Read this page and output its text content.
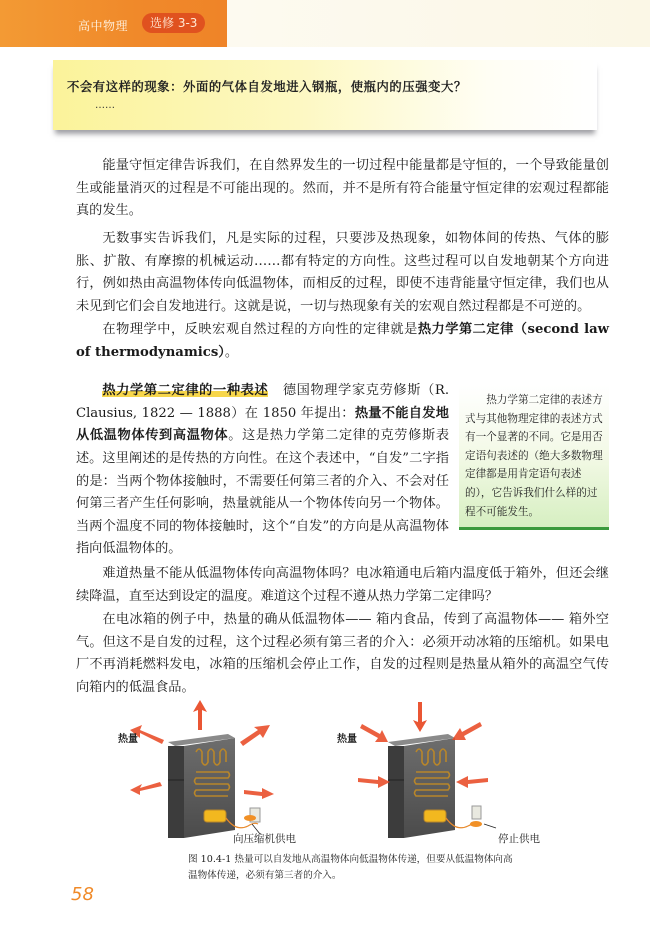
高中物理	选修 3-3
不会有这样的现象：外面的气体自发地进入钢瓶，使瓶内的压强变大？
……

能量守恒定律告诉我们，在自然界发生的一切过程中能量都是守恒的，一个导致能量创生或能量消灭的过程是不可能出现的。然而，并不是所有符合能量守恒定律的宏观过程都能真的发生。

无数事实告诉我们，凡是实际的过程，只要涉及热现象，如物体间的传热、气体的膨胀、扩散、有摩擦的机械运动……都有特定的方向性。这些过程可以自发地朝某个方向进行，例如热由高温物体传向低温物体，而相反的过程，即使不违背能量守恒定律，我们也从未见到它们会自发地进行。这就是说，一切与热现象有关的宏观自然过程都是不可逆的。

在物理学中，反映宏观自然过程的方向性的定律就是热力学第二定律（second law of thermodynamics）。

热力学第二定律的一种表述 德国物理学家克劳修斯（R. Clausius, 1822 — 1888）在 1850 年提出：热量不能自发地从低温物体传到高温物体。这是热力学第二定律的克劳修斯表述。 这里阐述的是传热的方向性。在这个表述中，“自发”二字指的是：当两个物体接触时，不需要任何第三者的介入、不会对任何第三者产生任何影响，热量就能从一个物体传向另一个物体。当两个温度不同的物体接触时，这个“自发”的方向是从高温物体指向低温物体的。

热力学第二定律的表述方式与其他物理定律的表述方式有一个显著的不同。它是用否定语句表述的（绝大多数物理定律都是用肯定语句表述的），它告诉我们什么样的过程不可能发生。

难道热量不能从低温物体传向高温物体吗？电冰箱通电后箱内温度低于箱外，但还会继续降温，直至达到设定的温度。难道这个过程不遵从热力学第二定律吗？

在电冰箱的例子中，热量的确从低温物体—— 箱内食品，传到了高温物体—— 箱外空气。但这不是自发的过程，这个过程必须有第三者的介入：必须开动冰箱的压缩机。如果电厂不再消耗燃料发电，冰箱的压缩机会停止工作，自发的过程则是热量从箱外的高温空气传向箱内的低温食品。

热量
向压缩机供电
热量
停止供电
图 10.4-1 热量可以自发地从高温物体向低温物体传递，但要从低温物体向高温物体传递，必须有第三者的介入。
58
